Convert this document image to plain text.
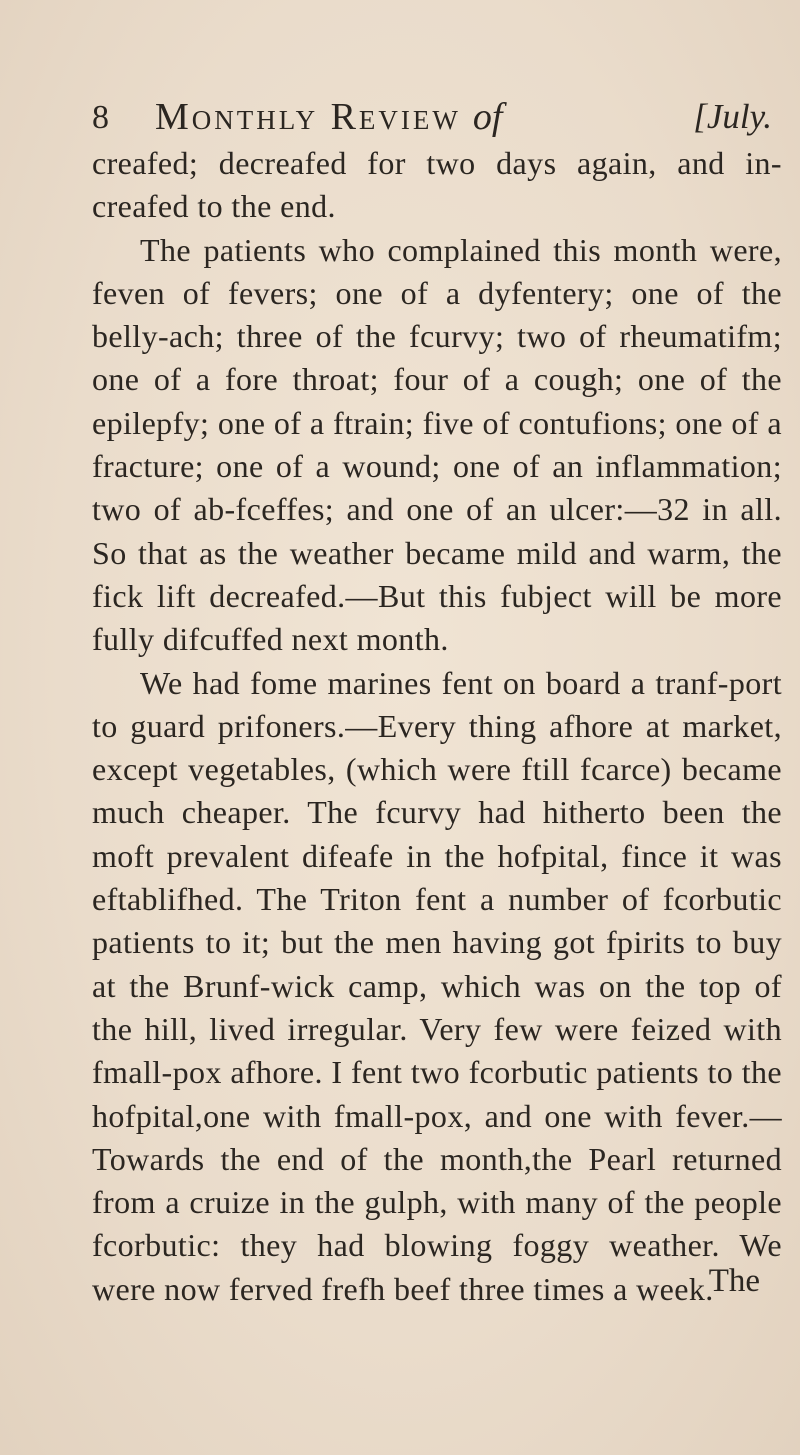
8 Monthly Review of	[July.

creafed; decreafed for two days again, and in-creafed to the end.

The patients who complained this month were, feven of fevers; one of a dyfentery; one of the belly-ach; three of the fcurvy; two of rheumatifm; one of a fore throat; four of a cough; one of the epilepfy; one of a ftrain; five of contufions; one of a fracture; one of a wound; one of an inflammation; two of ab-fceffes; and one of an ulcer:—32 in all. So that as the weather became mild and warm, the fick lift decreafed.—But this fubject will be more fully difcuffed next month.

We had fome marines fent on board a tranf-port to guard prifoners.—Every thing afhore at market, except vegetables, (which were ftill fcarce) became much cheaper. The fcurvy had hitherto been the moft prevalent difeafe in the hofpital, fince it was eftablifhed. The Triton fent a number of fcorbutic patients to it; but the men having got fpirits to buy at the Brunf-wick camp, which was on the top of the hill, lived irregular. Very few were feized with fmall-pox afhore. I fent two fcorbutic patients to the hofpital,one with fmall-pox, and one with fever.—Towards the end of the month,the Pearl returned from a cruize in the gulph, with many of the people fcorbutic: they had blowing foggy weather. We were now ferved frefh beef three times a week.

The
